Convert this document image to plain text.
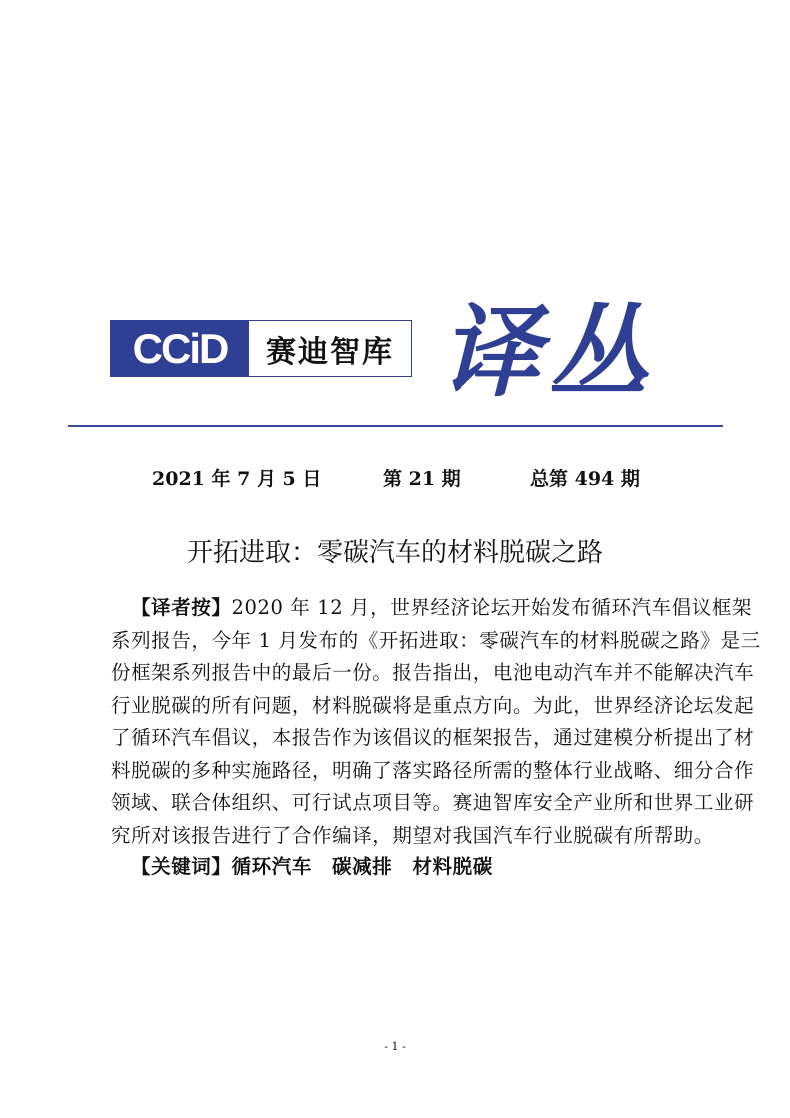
CCiD	赛迪智库 译丛
2021 年 7 月 5 日	第 21 期	总第 494 期
开拓进取：零碳汽车的材料脱碳之路
【译者按】2020 年 12 月，世界经济论坛开始发布循环汽车倡议框架
系列报告，今年 1 月发布的《开拓进取：零碳汽车的材料脱碳之路》是三
份框架系列报告中的最后一份。报告指出，电池电动汽车并不能解决汽车
行业脱碳的所有问题，材料脱碳将是重点方向。为此，世界经济论坛发起
了循环汽车倡议，本报告作为该倡议的框架报告，通过建模分析提出了材
料脱碳的多种实施路径，明确了落实路径所需的整体行业战略、细分合作
领域、联合体组织、可行试点项目等。赛迪智库安全产业所和世界工业研
究所对该报告进行了合作编译，期望对我国汽车行业脱碳有所帮助。
【关键词】循环汽车  碳减排  材料脱碳
- 1 -
